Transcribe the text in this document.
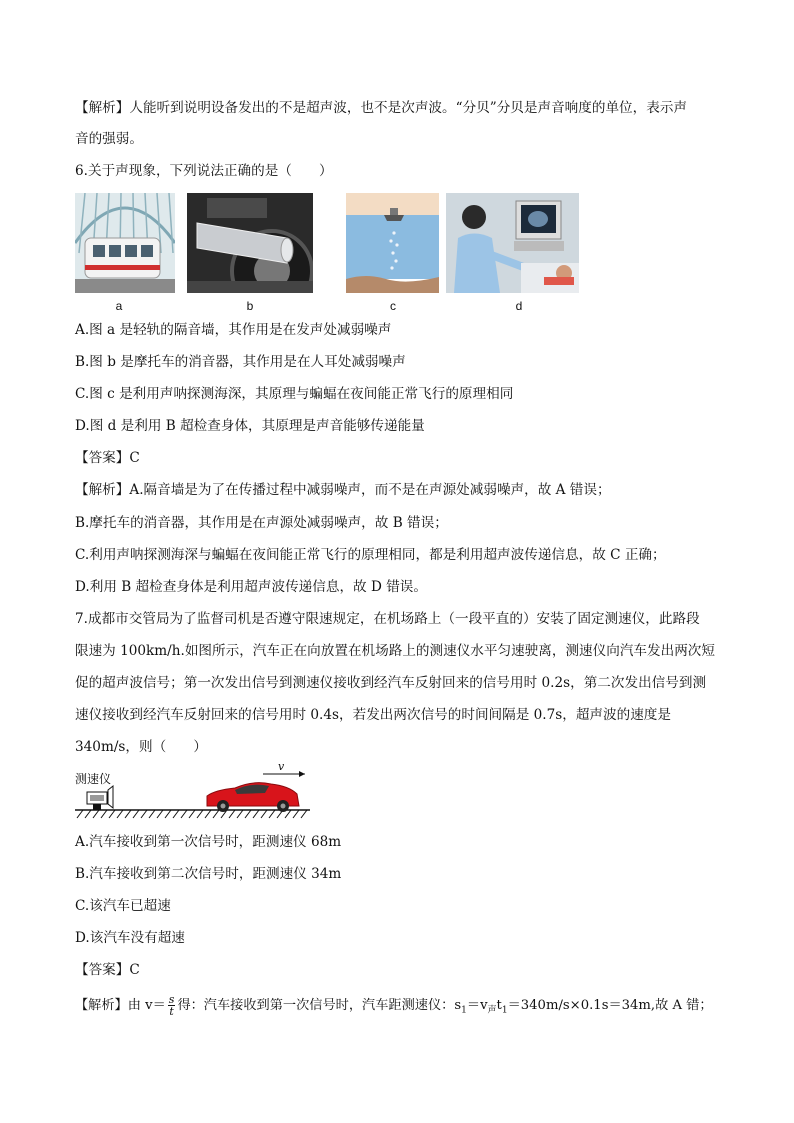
【解析】人能听到说明设备发出的不是超声波，也不是次声波。“分贝”分贝是声音响度的单位，表示声
音的强弱。
6.关于声现象，下列说法正确的是（　　）
a	b	c	d
A.图 a 是轻轨的隔音墙，其作用是在发声处减弱噪声
B.图 b 是摩托车的消音器，其作用是在人耳处减弱噪声
C.图 c 是利用声呐探测海深，其原理与蝙蝠在夜间能正常飞行的原理相同
D.图 d 是利用 B 超检查身体，其原理是声音能够传递能量
【答案】C
【解析】A.隔音墙是为了在传播过程中减弱噪声，而不是在声源处减弱噪声，故 A 错误；
B.摩托车的消音器，其作用是在声源处减弱噪声，故 B 错误；
C.利用声呐探测海深与蝙蝠在夜间能正常飞行的原理相同，都是利用超声波传递信息，故 C 正确；
D.利用 B 超检查身体是利用超声波传递信息，故 D 错误。
7.成都市交管局为了监督司机是否遵守限速规定，在机场路上（一段平直的）安装了固定测速仪，此路段
限速为 100km/h.如图所示，汽车正在向放置在机场路上的测速仪水平匀速驶离，测速仪向汽车发出两次短
促的超声波信号；第一次发出信号到测速仪接收到经汽车反射回来的信号用时 0.2s，第二次发出信号到测
速仪接收到经汽车反射回来的信号用时 0.4s，若发出两次信号的时间间隔是 0.7s，超声波的速度是
340m/s，则（　　）
测速仪
v
A.汽车接收到第一次信号时，距测速仪 68m
B.汽车接收到第二次信号时，距测速仪 34m
C.该汽车已超速
D.该汽车没有超速
【答案】C
【解析】由 $v= \frac{s}{t}$ 得：汽车接收到第一次信号时，汽车距测速仪：$s_1=v_声t_1=340m/s\times 0.1s=34m$,故 A 错；
